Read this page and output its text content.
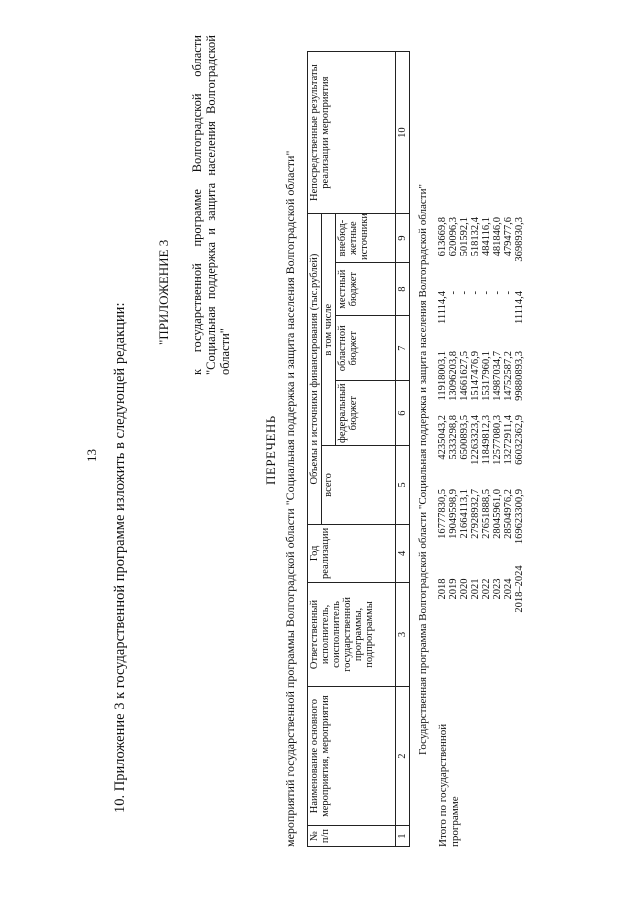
13 10. Приложение 3 к государственной программе изложить в следующей редакции:
"ПРИЛОЖЕНИЕ 3 к государственной программе Волгоградской области "Социальная поддержка и защита населения Волгоградской области"
ПЕРЕЧЕНЬ мероприятий государственной программы Волгоградской области "Социальная поддержка и защита населения Волгоградской области" № п/п	Наименование основного мероприятия, мероприятия	Ответственный исполнитель, соисполнитель государственной программы, подпрограммы	Год реализации	Объемы и источники финансирования (тыс.рублей)					Непосредственные результаты реализации мероприятия
				всего	в том числе				
					федеральный бюджет	областной бюджет	местный бюджет	внебюд-жетные источники	
1	2	3	4	5	6	7	8	9	10
Государственная программа Волгоградской области "Социальная поддержка и защита населения Волгоградской области"
Итого по государственной программе
2018	16777830,5	4235043,2	11918003,1	11114,4	613669,8
2019	19049598,9	5333298,8	13096203,8	-	620096,3
2020	21664113,1	6500893,5	14661627,5	-	501592,1
2021	27928932,7	12263323,4	15147476,9	-	518132,4
2022	27651888,5	11849812,3	15317960,1	-	484116,1
2023	28045961,0	12577080,3	14987034,7	-	481846,0
2024	28504976,2	13272911,4	14752587,2	-	479477,6
2018–2024	169623300,9	66032362,9	99880893,3	11114,4	3698930,3
